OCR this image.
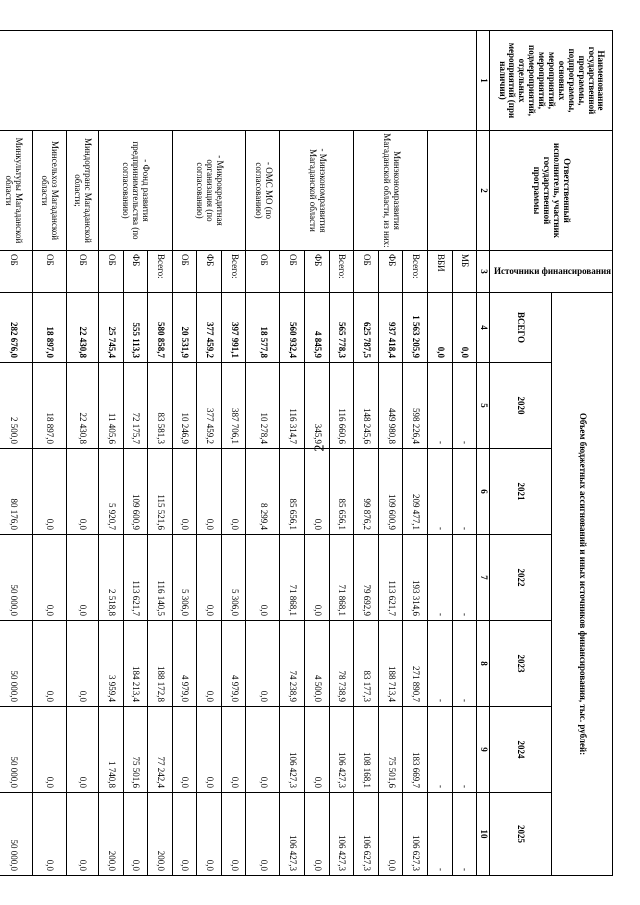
2
Наименование государственной программы, подпрограммы, основных мероприятий, мероприятий, подмероприятий, отдельных мероприятий (при наличии)	Ответственный исполнитель, участник государственной программы	Источники финансирования	Объем бюджетных ассигнований и иных источников финансирования, тыс. рублей:						
			ВСЕГО	2020	2021	2022	2023	2024	2025
1	2	3	4	5	6	7	8	9	10
		МБ	0,0	-	-	-	-	-	-
		ВБИ	0,0	-	-	-	-	-	-
	Минэкономразвития Магаданской области, из них:	Всего:	1 563 205,9	598 226,4	209 477,1	193 314,6	271 890,7	183 669,7	106 627,3
		ФБ	937 418,4	449 980,8	109 600,9	113 621,7	188 713,4	75 501,6	0,0
		ОБ	625 787,5	148 245,6	99 876,2	79 692,9	83 177,3	108 168,1	106 627,3
	- Минэкономразвития Магаданской области	Всего:	565 778,3	116 660,6	85 656,1	71 868,1	78 738,9	106 427,3	106 427,3
		ФБ	4 845,9	345,9	0,0	0,0	4 500,0	0,0	0,0
		ОБ	560 932,4	116 314,7	85 656,1	71 868,1	74 238,9	106 427,3	106 427,3
	- ОМС МО (по согласованию)	ОБ	18 577,8	10 278,4	8 299,4	0,0	0,0	0,0	0,0
	- Микрокредитная организация (по согласованию)	Всего:	397 991,1	387 706,1	0,0	5 306,0	4 979,0	0,0	0,0
		ФБ	377 459,2	377 459,2	0,0	0,0	0,0	0,0	0,0
		ОБ	20 531,9	10 246,9	0,0	5 306,0	4 979,0	0,0	0,0
	- Фонд развития предпринимательства (по согласованию)	Всего:	580 858,7	83 581,3	115 521,6	116 140,5	188 172,8	77 242,4	200,0
		ФБ	555 113,3	72 175,7	109 600,9	113 621,7	184 213,4	75 501,6	0,0
		ОБ	25 745,4	11 405,6	5 920,7	2 518,8	3 959,4	1 740,8	200,0
	Миндортранс Магаданской области;	ОБ	22 430,8	22 430,8	0,0	0,0	0,0	0,0	0,0
	Минсельхоз Магаданской области	ОБ	18 897,0	18 897,0	0,0	0,0	0,0	0,0	0,0
	Минкультуры Магаданской области	ОБ	282 676,0	2 500,0	80 176,0	50 000,0	50 000,0	50 000,0	50 000,0
